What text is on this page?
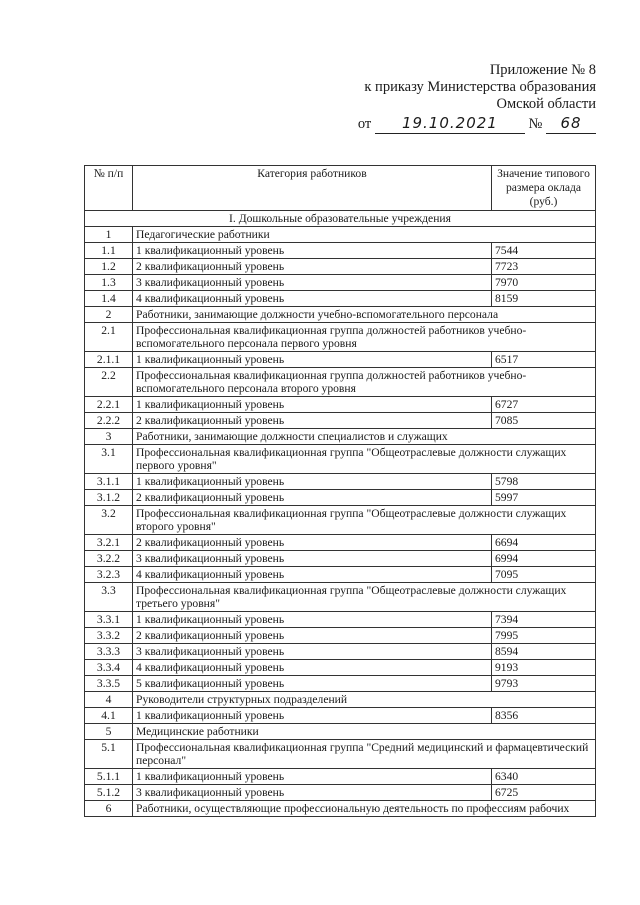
Приложение № 8
к приказу Министерства образования
Омской области
от 19.10.2021 № 68
№ п/п	Категория работников	Значение типового размера оклада (руб.)
I. Дошкольные образовательные учреждения		
1	Педагогические работники	
1.1	1 квалификационный уровень	7544
1.2	2 квалификационный уровень	7723
1.3	3 квалификационный уровень	7970
1.4	4 квалификационный уровень	8159
2	Работники, занимающие должности учебно-вспомогательного персонала	
2.1	Профессиональная квалификационная группа должностей работников учебно-вспомогательного персонала первого уровня	
2.1.1	1 квалификационный уровень	6517
2.2	Профессиональная квалификационная группа должностей работников учебно-вспомогательного персонала второго уровня	
2.2.1	1 квалификационный уровень	6727
2.2.2	2 квалификационный уровень	7085
3	Работники, занимающие должности специалистов и служащих	
3.1	Профессиональная квалификационная группа "Общеотраслевые должности служащих первого уровня"	
3.1.1	1 квалификационный уровень	5798
3.1.2	2 квалификационный уровень	5997
3.2	Профессиональная квалификационная группа "Общеотраслевые должности служащих второго уровня"	
3.2.1	2 квалификационный уровень	6694
3.2.2	3 квалификационный уровень	6994
3.2.3	4 квалификационный уровень	7095
3.3	Профессиональная квалификационная группа "Общеотраслевые должности служащих третьего уровня"	
3.3.1	1 квалификационный уровень	7394
3.3.2	2 квалификационный уровень	7995
3.3.3	3 квалификационный уровень	8594
3.3.4	4 квалификационный уровень	9193
3.3.5	5 квалификационный уровень	9793
4	Руководители структурных подразделений	
4.1	1 квалификационный уровень	8356
5	Медицинские работники	
5.1	Профессиональная квалификационная группа "Средний медицинский и фармацевтический персонал"	
5.1.1	1 квалификационный уровень	6340
5.1.2	3 квалификационный уровень	6725
6	Работники, осуществляющие профессиональную деятельность по профессиям рабочих	
